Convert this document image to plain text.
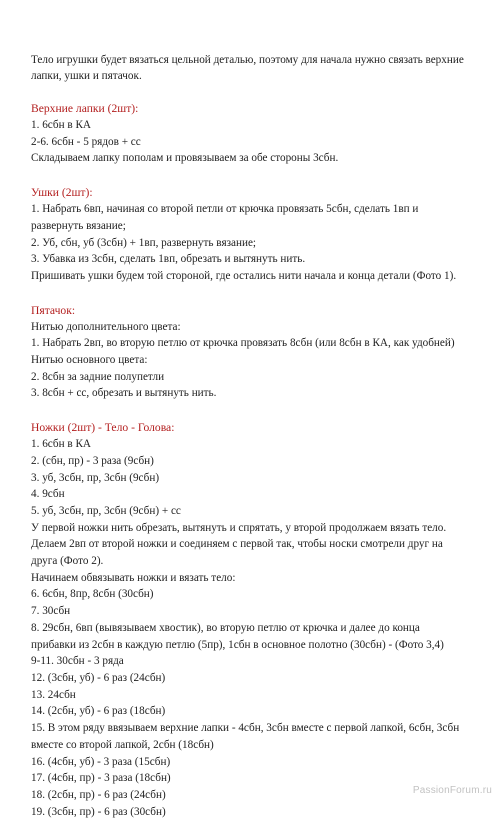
Тело игрушки будет вязаться цельной деталью, поэтому для начала нужно связать верхние
лапки, ушки и пятачок.
Верхние лапки (2шт):
1. 6сбн в КА
2-6. 6сбн - 5 рядов + сс
Складываем лапку пополам и провязываем за обе стороны 3сбн.
Ушки (2шт):
1. Набрать 6вп, начиная со второй петли от крючка провязать 5сбн, сделать 1вп и
развернуть вязание;
2. Уб, сбн, уб (3сбн) + 1вп, развернуть вязание;
3. Убавка из 3сбн, сделать 1вп, обрезать и вытянуть нить.
Пришивать ушки будем той стороной, где остались нити начала и конца детали (Фото 1).
Пятачок:
Нитью дополнительного цвета:
1. Набрать 2вп, во вторую петлю от крючка провязать 8сбн (или 8сбн в КА, как удобней)
Нитью основного цвета:
2. 8сбн за задние полупетли
3. 8сбн + сс, обрезать и вытянуть нить.
Ножки (2шт) - Тело - Голова:
1. 6сбн в КА
2. (сбн, пр) - 3 раза (9сбн)
3. уб, 3сбн, пр, 3сбн (9сбн)
4. 9сбн
5. уб, 3сбн, пр, 3сбн (9сбн) + сс
У первой ножки нить обрезать, вытянуть и спрятать, у второй продолжаем вязать тело.
Делаем 2вп от второй ножки и соединяем с первой так, чтобы носки смотрели друг на
друга (Фото 2).
Начинаем обвязывать ножки и вязать тело:
6. 6сбн, 8пр, 8сбн (30сбн)
7. 30сбн
8. 29сбн, 6вп (вывязываем хвостик), во вторую петлю от крючка и далее до конца
прибавки из 2сбн в каждую петлю (5пр), 1сбн в основное полотно (30сбн) - (Фото 3,4)
9-11. 30сбн - 3 ряда
12. (3сбн, уб) - 6 раз (24сбн)
13. 24сбн
14. (2сбн, уб) - 6 раз (18сбн)
15. В этом ряду ввязываем верхние лапки - 4сбн, 3сбн вместе с первой лапкой, 6сбн, 3сбн
вместе со второй лапкой, 2сбн (18сбн)
16. (4сбн, уб) - 3 раза (15сбн)
17. (4сбн, пр) - 3 раза (18сбн)
18. (2сбн, пр) - 6 раз (24сбн)
19. (3сбн, пр) - 6 раз (30сбн)
PassionForum.ru
